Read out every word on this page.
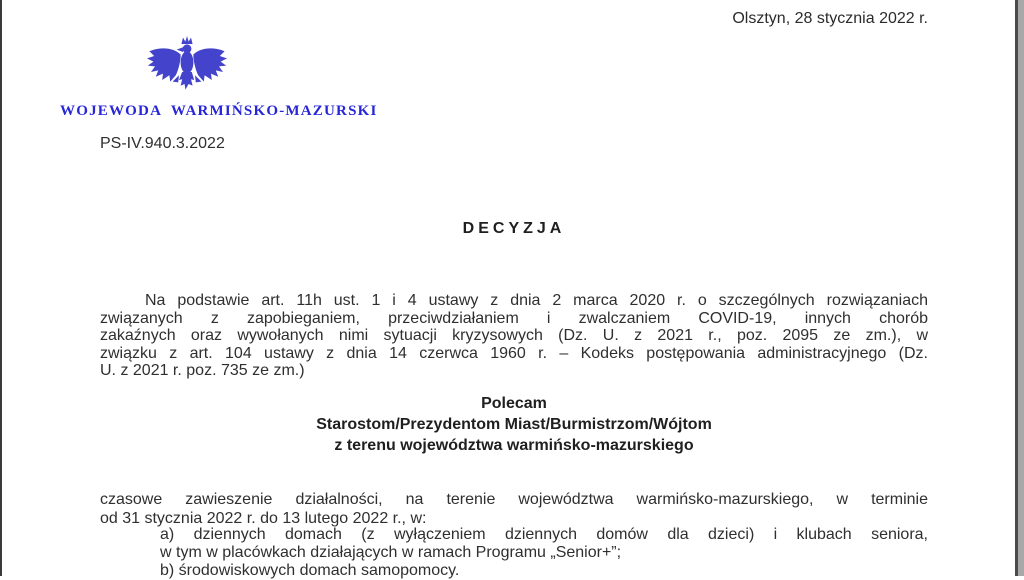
Olsztyn, 28 stycznia 2022 r.
WOJEWODA  WARMIŃSKO-MAZURSKI
PS-IV.940.3.2022
DECYZJA
Na podstawie art. 11h ust. 1 i 4 ustawy z dnia 2 marca 2020 r. o szczególnych rozwiązaniach
związanych z zapobieganiem, przeciwdziałaniem i zwalczaniem COVID-19, innych chorób
zakaźnych oraz wywołanych nimi sytuacji kryzysowych (Dz. U. z 2021 r., poz. 2095 ze zm.), w
związku z art. 104 ustawy z dnia 14 czerwca 1960 r. – Kodeks postępowania administracyjnego (Dz.
U. z 2021 r. poz. 735 ze zm.)
Polecam
Starostom/Prezydentom Miast/Burmistrzom/Wójtom
z terenu województwa warmińsko-mazurskiego
czasowe zawieszenie działalności, na terenie województwa warmińsko-mazurskiego, w terminie
od 31 stycznia 2022 r. do 13 lutego 2022 r., w:
a) dziennych domach (z wyłączeniem dziennych domów dla dzieci) i klubach seniora,
w tym w placówkach działających w ramach Programu „Senior+”;
b) środowiskowych domach samopomocy.
